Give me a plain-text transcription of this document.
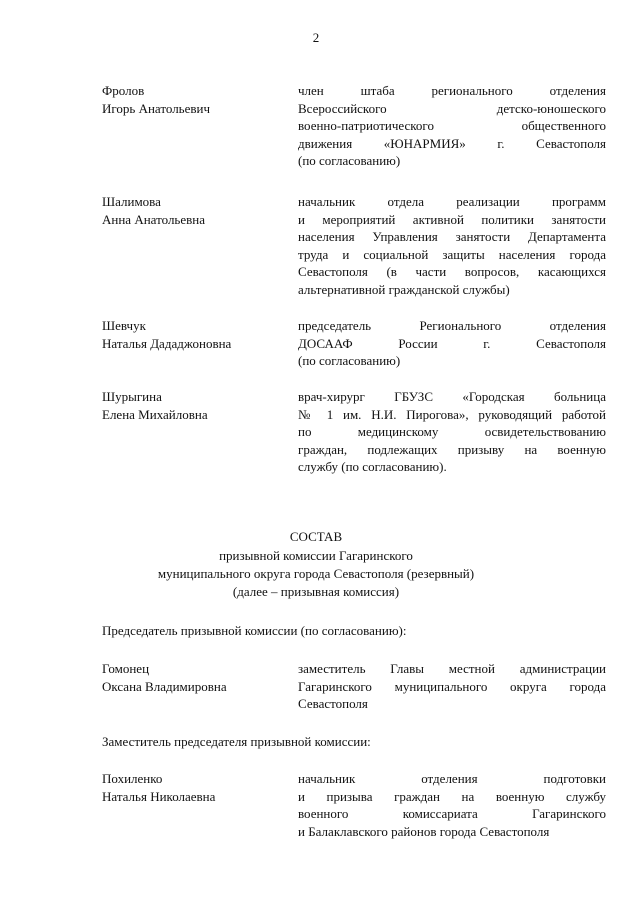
2
Фролов
Игорь Анатольевич
член штаба регионального отделения
Всероссийского детско-юношеского
военно-патриотического общественного
движения «ЮНАРМИЯ» г. Севастополя
(по согласованию)
Шалимова
Анна Анатольевна
начальник отдела реализации программ
и мероприятий активной политики занятости
населения Управления занятости Департамента
труда и социальной защиты населения города
Севастополя (в части вопросов, касающихся
альтернативной гражданской службы)
Шевчук
Наталья Дададжоновна
председатель Регионального отделения
ДОСААФ России г. Севастополя
(по согласованию)
Шурыгина
Елена Михайловна
врач-хирург ГБУЗС «Городская больница
№ 1 им. Н.И. Пирогова», руководящий работой
по медицинскому освидетельствованию
граждан, подлежащих призыву на военную
службу (по согласованию).
СОСТАВ
призывной комиссии Гагаринского
муниципального округа города Севастополя (резервный)
(далее – призывная комиссия)
Председатель призывной комиссии (по согласованию):
Гомонец
Оксана Владимировна
заместитель Главы местной администрации
Гагаринского муниципального округа города
Севастополя
Заместитель председателя призывной комиссии:
Похиленко
Наталья Николаевна
начальник отделения подготовки
и призыва граждан на военную службу
военного комиссариата Гагаринского
и Балаклавского районов города Севастополя
